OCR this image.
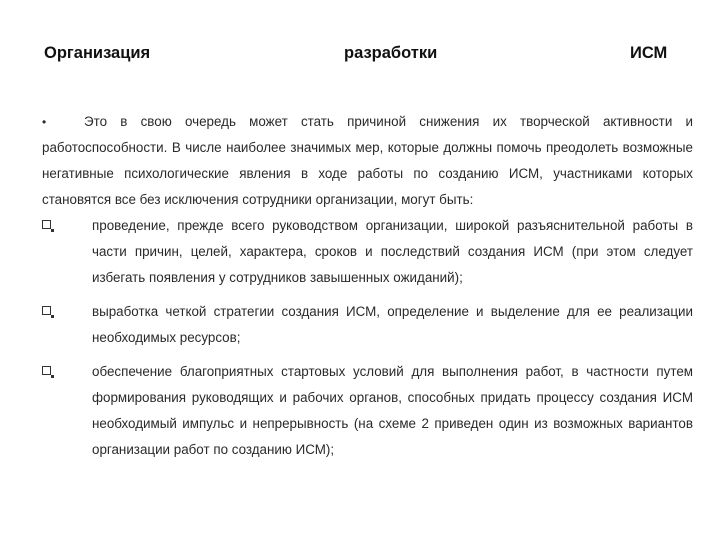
Организация	разработки	ИСМ

•	Это в свою очередь может стать причиной снижения их творческой активности и работоспособности. В числе наиболее значимых мер, которые должны помочь преодолеть возможные негативные психологические явления в ходе работы по созданию ИСМ, участниками которых становятся все без исключения сотрудники организации, могут быть:

проведение, прежде всего руководством организации, широкой разъяснительной работы в части причин, целей, характера, сроков и последствий создания ИСМ (при этом следует избегать появления у сотрудников завышенных ожиданий);
выработка четкой стратегии создания ИСМ, определение и выделение для ее реализации необходимых ресурсов;
обеспечение благоприятных стартовых условий для выполнения работ, в частности путем формирования руководящих и рабочих органов, способных придать процессу создания ИСМ необходимый импульс и непрерывность (на схеме 2 приведен один из возможных вариантов организации работ по созданию ИСМ);
